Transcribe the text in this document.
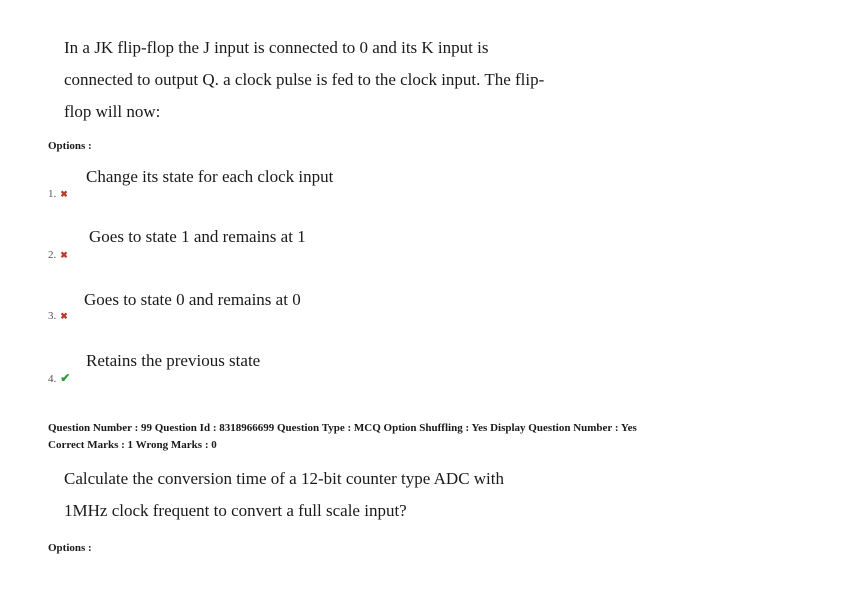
In a JK flip-flop the J input is connected to 0 and its K input is
connected to output Q. a clock pulse is fed to the clock input. The flip-
flop will now:
Options :
Change its state for each clock input
1. ✖
Goes to state 1 and remains at 1
2. ✖
Goes to state 0 and remains at 0
3. ✖
Retains the previous state
4. ✔
Question Number : 99 Question Id : 8318966699 Question Type : MCQ Option Shuffling : Yes Display Question Number : Yes
Correct Marks : 1 Wrong Marks : 0
Calculate the conversion time of a 12-bit counter type ADC with
1MHz clock frequent to convert a full scale input?
Options :
